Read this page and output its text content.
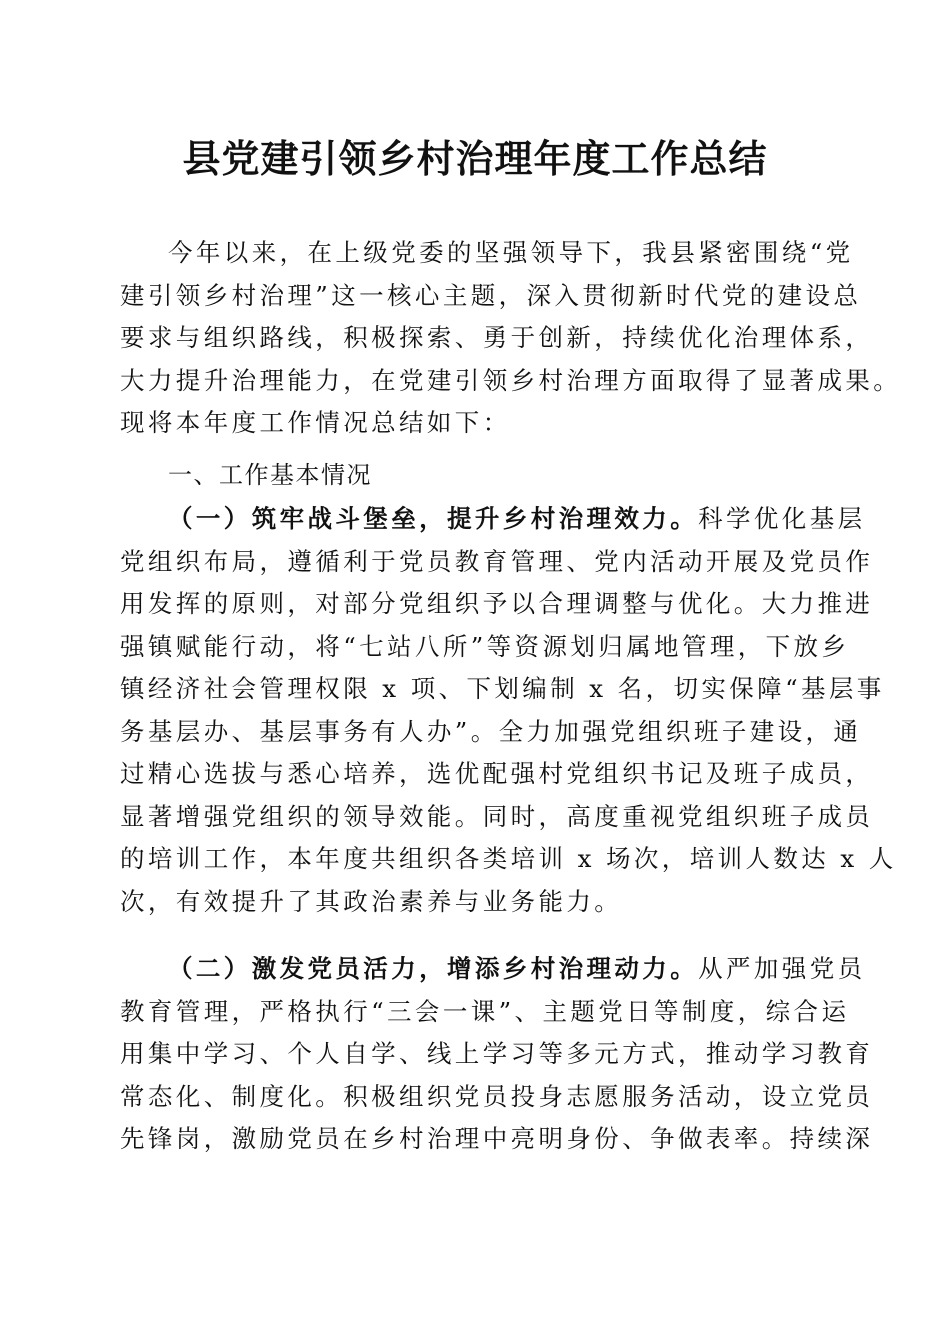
县党建引领乡村治理年度工作总结
今年以来，在上级党委的坚强领导下，我县紧密围绕“党
建引领乡村治理”这一核心主题，深入贯彻新时代党的建设总
要求与组织路线，积极探索、勇于创新，持续优化治理体系，
大力提升治理能力，在党建引领乡村治理方面取得了显著成果。
现将本年度工作情况总结如下：
一、工作基本情况
（一）筑牢战斗堡垒，提升乡村治理效力。科学优化基层
党组织布局，遵循利于党员教育管理、党内活动开展及党员作
用发挥的原则，对部分党组织予以合理调整与优化。大力推进
强镇赋能行动，将“七站八所”等资源划归属地管理，下放乡
镇经济社会管理权限 x 项、下划编制 x 名，切实保障“基层事
务基层办、基层事务有人办”。全力加强党组织班子建设，通
过精心选拔与悉心培养，选优配强村党组织书记及班子成员，
显著增强党组织的领导效能。同时，高度重视党组织班子成员
的培训工作，本年度共组织各类培训 x 场次，培训人数达 x 人
次，有效提升了其政治素养与业务能力。
（二）激发党员活力，增添乡村治理动力。从严加强党员
教育管理，严格执行“三会一课”、主题党日等制度，综合运
用集中学习、个人自学、线上学习等多元方式，推动学习教育
常态化、制度化。积极组织党员投身志愿服务活动，设立党员
先锋岗，激励党员在乡村治理中亮明身份、争做表率。持续深
